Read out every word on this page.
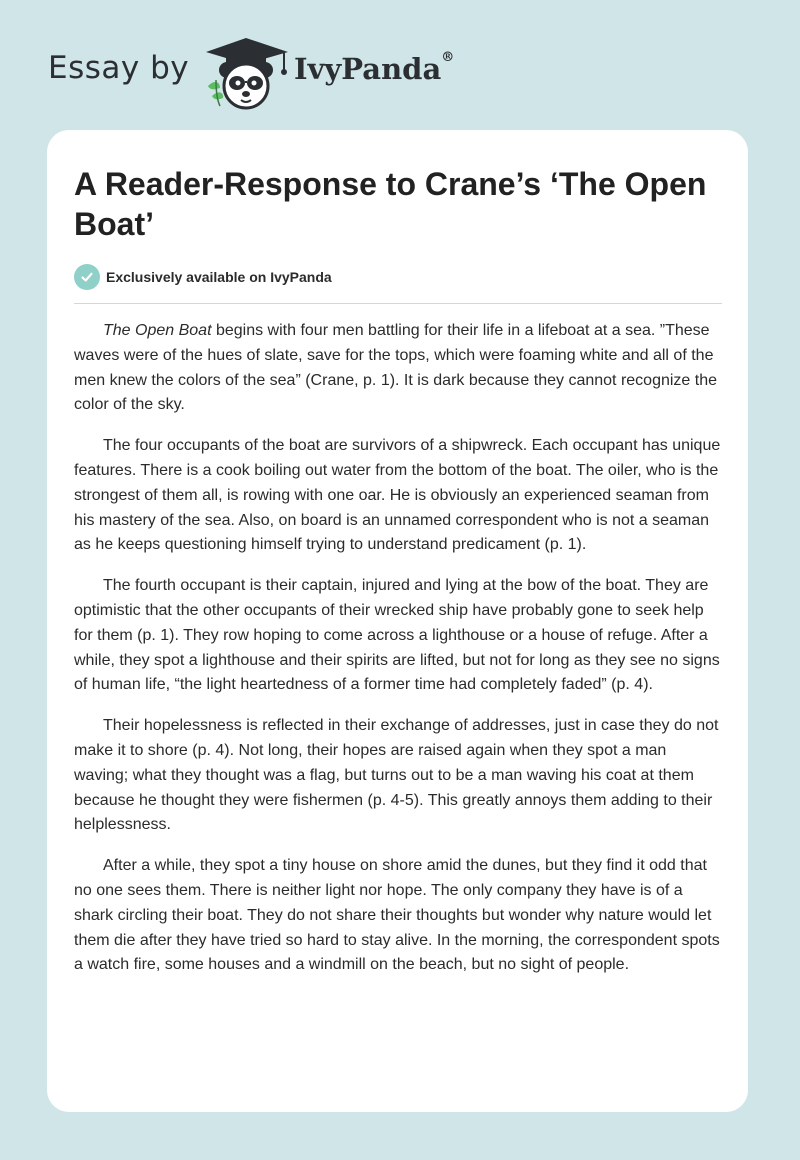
Essay by	IvyPanda®
A Reader-Response to Crane’s ‘The Open Boat’
Exclusively available on IvyPanda

The Open Boat begins with four men battling for their life in a lifeboat at a sea. ”These waves were of the hues of slate, save for the tops, which were foaming white and all of the men knew the colors of the sea” (Crane, p. 1). It is dark because they cannot recognize the color of the sky.

The four occupants of the boat are survivors of a shipwreck. Each occupant has unique features. There is a cook boiling out water from the bottom of the boat. The oiler, who is the strongest of them all, is rowing with one oar. He is obviously an experienced seaman from his mastery of the sea. Also, on board is an unnamed correspondent who is not a seaman as he keeps questioning himself trying to understand predicament (p. 1).

The fourth occupant is their captain, injured and lying at the bow of the boat. They are optimistic that the other occupants of their wrecked ship have probably gone to seek help for them (p. 1). They row hoping to come across a lighthouse or a house of refuge. After a while, they spot a lighthouse and their spirits are lifted, but not for long as they see no signs of human life, “the light heartedness of a former time had completely faded” (p. 4).

Their hopelessness is reflected in their exchange of addresses, just in case they do not make it to shore (p. 4). Not long, their hopes are raised again when they spot a man waving; what they thought was a flag, but turns out to be a man waving his coat at them because he thought they were fishermen (p. 4-5). This greatly annoys them adding to their helplessness.

After a while, they spot a tiny house on shore amid the dunes, but they find it odd that no one sees them. There is neither light nor hope. The only company they have is of a shark circling their boat. They do not share their thoughts but wonder why nature would let them die after they have tried so hard to stay alive. In the morning, the correspondent spots a watch fire, some houses and a windmill on the beach, but no sight of people.
